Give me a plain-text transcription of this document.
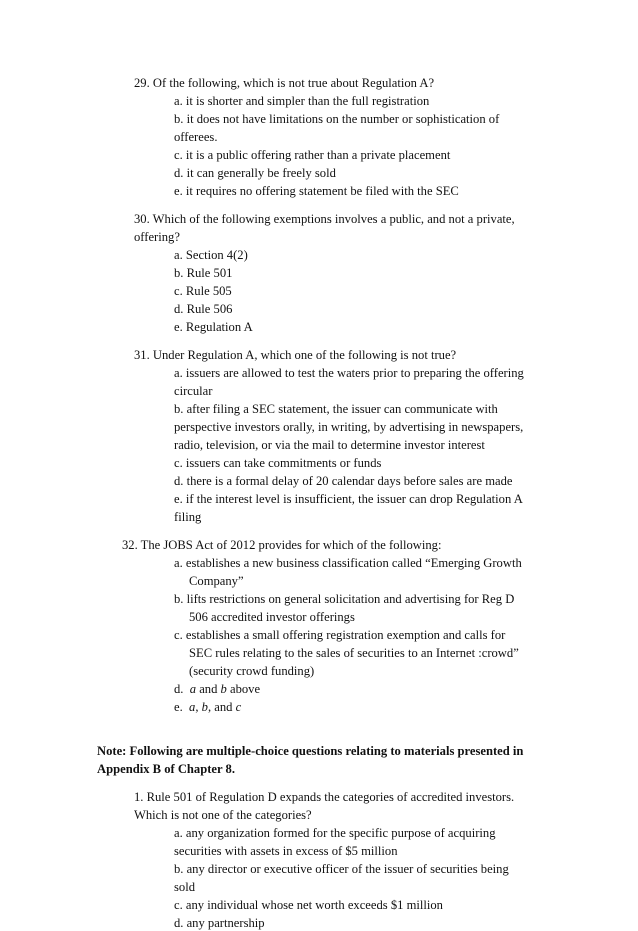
29. Of the following, which is not true about Regulation A?
a. it is shorter and simpler than the full registration
b. it does not have limitations on the number or sophistication of
offerees.
c. it is a public offering rather than a private placement
d. it can generally be freely sold
e. it requires no offering statement be filed with the SEC
30. Which of the following exemptions involves a public, and not a private,
offering?
a. Section 4(2)
b. Rule 501
c. Rule 505
d. Rule 506
e. Regulation A
31. Under Regulation A, which one of the following is not true?
a. issuers are allowed to test the waters prior to preparing the offering
circular
b. after filing a SEC statement, the issuer can communicate with
perspective investors orally, in writing, by advertising in newspapers,
radio, television, or via the mail to determine investor interest
c. issuers can take commitments or funds
d. there is a formal delay of 20 calendar days before sales are made
e. if the interest level is insufficient, the issuer can drop Regulation A
filing
32. The JOBS Act of 2012 provides for which of the following:
a. establishes a new business classification called “Emerging Growth
Company”
b. lifts restrictions on general solicitation and advertising for Reg D
506 accredited investor offerings
c. establishes a small offering registration exemption and calls for
SEC rules relating to the sales of securities to an Internet :crowd”
(security crowd funding)
d. a and b above
e. a, b, and c
Note: Following are multiple-choice questions relating to materials presented in
Appendix B of Chapter 8.
1. Rule 501 of Regulation D expands the categories of accredited investors.
Which is not one of the categories?
a. any organization formed for the specific purpose of acquiring
securities with assets in excess of $5 million
b. any director or executive officer of the issuer of securities being
sold
c. any individual whose net worth exceeds $1 million
d. any partnership
